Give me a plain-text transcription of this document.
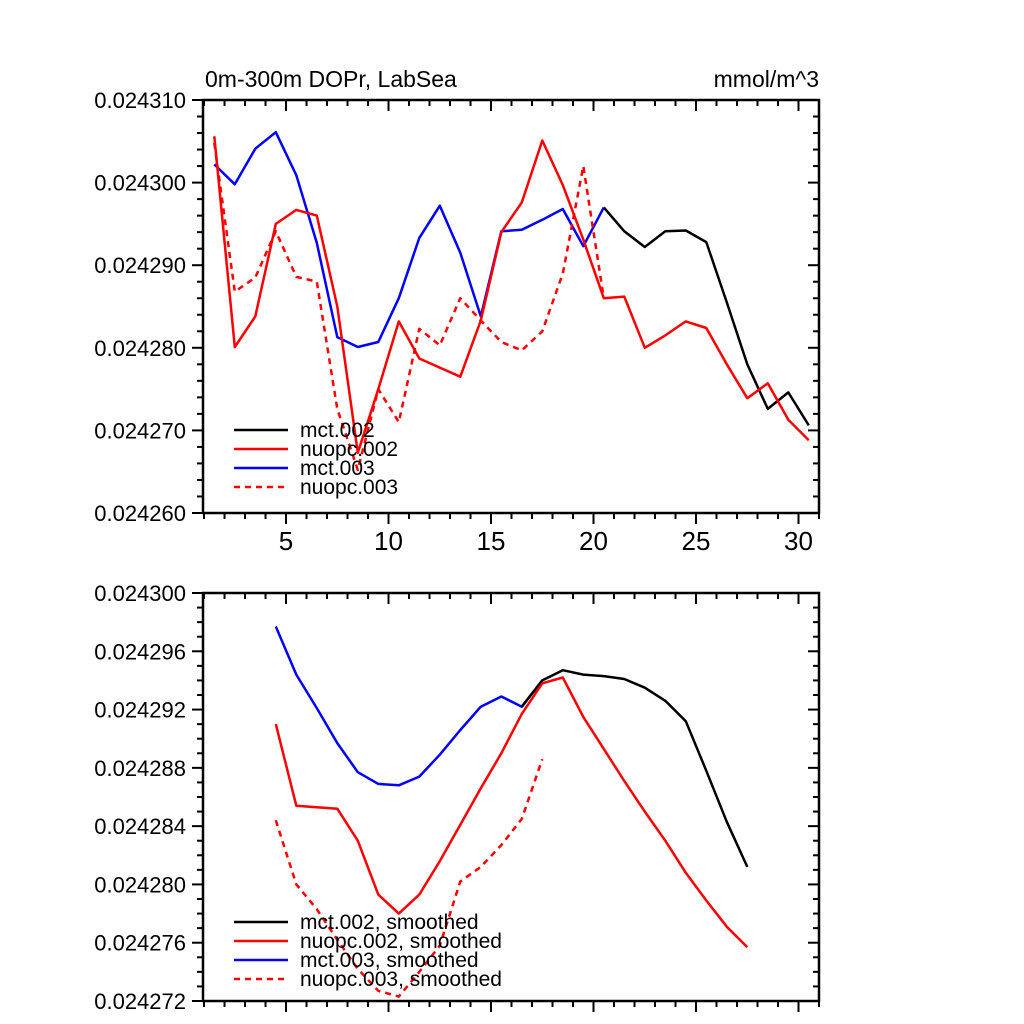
5	10	15	20	25	30
0.024260
0.024270
0.024280
0.024290
0.024300
0.024310
mct.002
nuopc.002
mct.003
nuopc.003
0.024272
0.024276
0.024280
0.024284
0.024288
0.024292
0.024296
0.024300
mct.002, smoothed
nuopc.002, smoothed
mct.003, smoothed
nuopc.003, smoothed
0m-300m DOPr, LabSea	mmol/m^3
